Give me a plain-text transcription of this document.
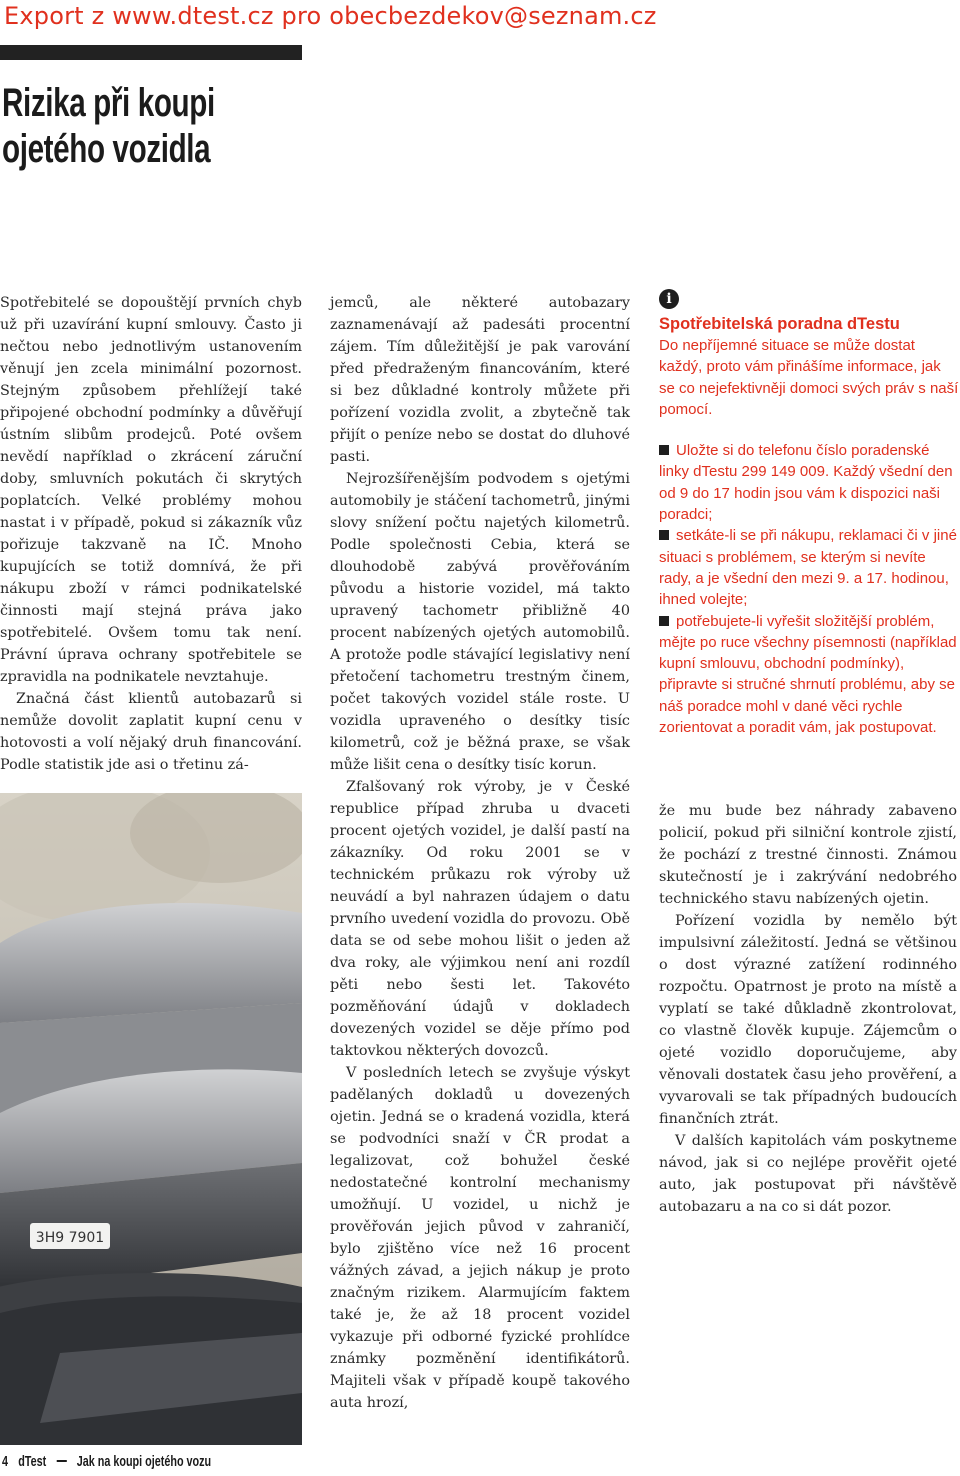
Export z www.dtest.cz pro obecbezdekov@seznam.cz
Rizika při koupi
ojetého vozidla

Spotřebitelé se dopouštějí prvních chyb už při uzavírání kupní smlouvy. Často ji nečtou nebo jednotlivým ustanovením věnují jen zcela minimální pozornost. Stejným způsobem přehlížejí také připojené obchodní podmínky a důvěřují ústním slibům prodejců. Poté ovšem nevědí například o zkrácení záruční doby, smluvních pokutách či skrytých poplatcích. Velké problémy mohou nastat i v případě, pokud si zákazník vůz pořizuje takzvaně na IČ. Mnoho kupujících se totiž domnívá, že při nákupu zboží v rámci podnikatelské činnosti mají stejná práva jako spotřebitelé. Ovšem tomu tak není. Právní úprava ochrany spotřebitele se zpravidla na podnikatele nevztahuje.

Značná část klientů autobazarů si nemůže dovolit zaplatit kupní cenu v hotovosti a volí nějaký druh financování. Podle statistik jde asi o třetinu zá-

3H9 7901

jemců, ale některé autobazary zaznamenávají až padesáti procentní zájem. Tím důležitější je pak varování před předraženým financováním, které si bez důkladné kontroly můžete při pořízení vozidla zvolit, a zbytečně tak přijít o peníze nebo se dostat do dluhové pasti.

Nejrozšířenějším podvodem s ojetými automobily je stáčení tachometrů, jinými slovy snížení počtu najetých kilometrů. Podle společnosti Cebia, která se dlouhodobě zabývá prověřováním původu a historie vozidel, má takto upravený tachometr přibližně 40 procent nabízených ojetých automobilů. A protože podle stávající legislativy není přetočení tachometru trestným činem, počet takových vozidel stále roste. U vozidla upraveného o desítky tisíc kilometrů, což je běžná praxe, se však může lišit cena o desítky tisíc korun.

Zfalšovaný rok výroby, je v České republice případ zhruba u dvaceti procent ojetých vozidel, je další pastí na zákazníky. Od roku 2001 se v technickém průkazu rok výroby už neuvádí a byl nahrazen údajem o datu prvního uvedení vozidla do provozu. Obě data se od sebe mohou lišit o jeden až dva roky, ale výjimkou není ani rozdíl pěti nebo šesti let. Takovéto pozměňování údajů v dokladech dovezených vozidel se děje přímo pod taktovkou některých dovozců.

V posledních letech se zvyšuje výskyt padělaných dokladů u dovezených ojetin. Jedná se o kradená vozidla, která se podvodníci snaží v ČR prodat a legalizovat, což bohužel české nedostatečné kontrolní mechanismy umožňují. U vozidel, u nichž je prověřován jejich původ v zahraničí, bylo zjištěno více než 16 procent vážných závad, a jejich nákup je proto značným rizikem. Alarmujícím faktem také je, že až 18 procent vozidel vykazuje při odborné fyzické prohlídce známky pozměnění identifikátorů. Majiteli však v případě koupě takového auta hrozí,

i
Spotřebitelská poradna dTestu

Do nepříjemné situace se může dostat každý, proto vám přinášíme informace, jak se co nejefektivněji domoci svých práv s naší pomocí.

Uložte si do telefonu číslo poradenské linky dTestu 299 149 009. Každý všední den od 9 do 17 hodin jsou vám k dispozici naši poradci;

setkáte-li se při nákupu, reklamaci či v jiné situaci s problémem, se kterým si nevíte rady, a je všední den mezi 9. a 17. hodinou, ihned volejte;

potřebujete-li vyřešit složitější problém, mějte po ruce všechny písemnosti (například kupní smlouvu, obchodní podmínky), připravte si stručné shrnutí problému, aby se náš poradce mohl v dané věci rychle zorientovat a poradit vám, jak postupovat.

že mu bude bez náhrady zabaveno policií, pokud při silniční kontrole zjistí, že pochází z trestné činnosti. Známou skutečností je i zakrývání nedobrého technického stavu nabízených ojetin.

Pořízení vozidla by nemělo být impulsivní záležitostí. Jedná se většinou o dost výrazné zatížení rodinného rozpočtu. Opatrnost je proto na místě a vyplatí se také důkladně zkontrolovat, co vlastně člověk kupuje. Zájemcům o ojeté vozidlo doporučujeme, aby věnovali dostatek času jeho prověření, a vyvarovali se tak případných budoucích finančních ztrát.

V dalších kapitolách vám poskytneme návod, jak si co nejlépe prověřit ojeté auto, jak postupovat při návštěvě autobazaru a na co si dát pozor.

4 dTest Jak na koupi ojetého vozu
